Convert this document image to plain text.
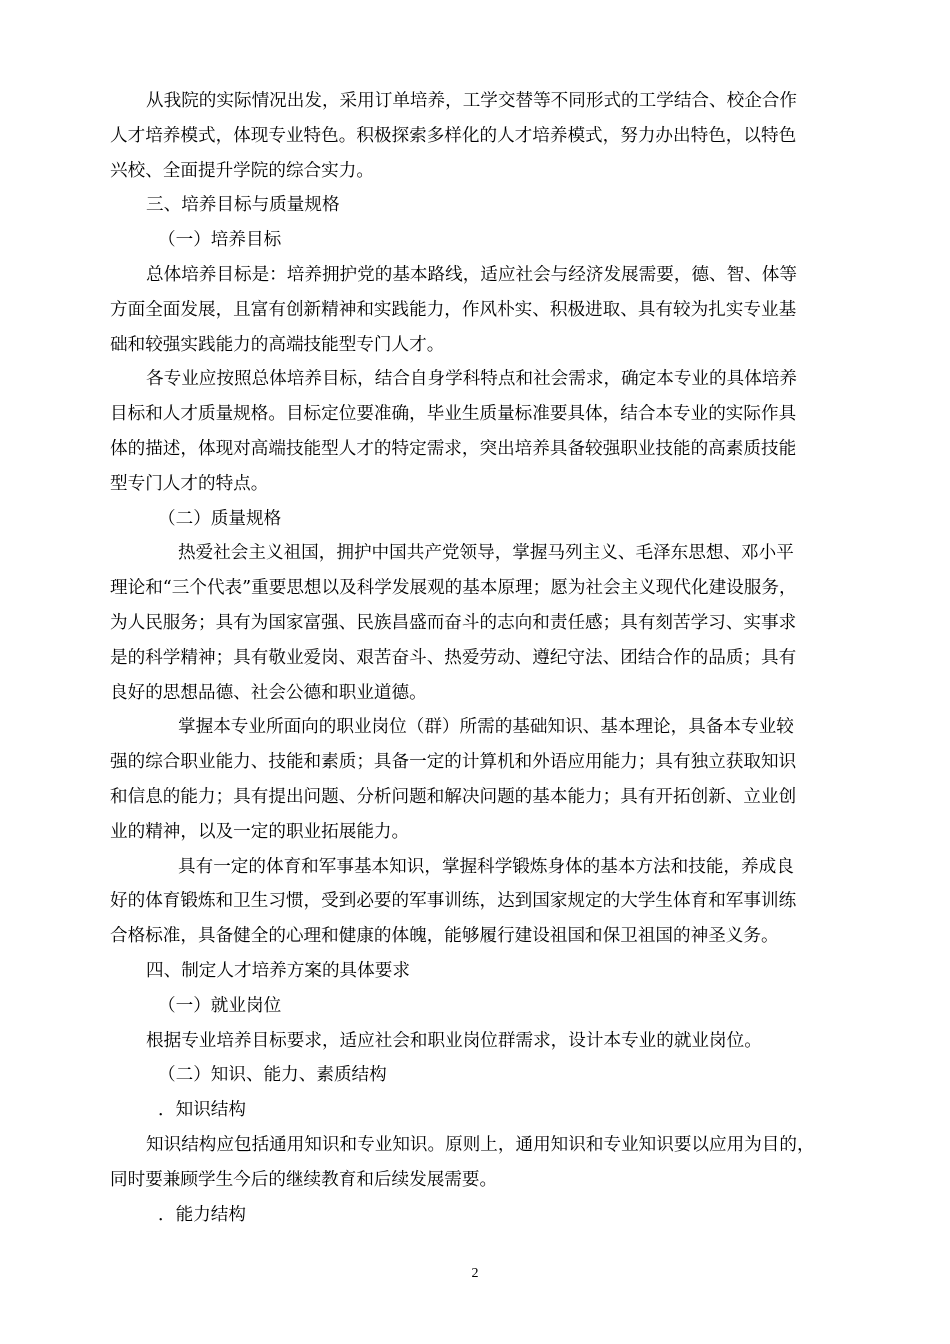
从我院的实际情况出发，采用订单培养，工学交替等不同形式的工学结合、校企合作
人才培养模式，体现专业特色。积极探索多样化的人才培养模式，努力办出特色，以特色
兴校、全面提升学院的综合实力。

三、培养目标与质量规格

（一）培养目标

总体培养目标是：培养拥护党的基本路线，适应社会与经济发展需要，德、智、体等
方面全面发展，且富有创新精神和实践能力，作风朴实、积极进取、具有较为扎实专业基
础和较强实践能力的高端技能型专门人才。

各专业应按照总体培养目标，结合自身学科特点和社会需求，确定本专业的具体培养
目标和人才质量规格。目标定位要准确，毕业生质量标准要具体，结合本专业的实际作具
体的描述，体现对高端技能型人才的特定需求，突出培养具备较强职业技能的高素质技能
型专门人才的特点。

（二）质量规格

热爱社会主义祖国，拥护中国共产党领导，掌握马列主义、毛泽东思想、邓小平
理论和“三个代表”重要思想以及科学发展观的基本原理；愿为社会主义现代化建设服务，
为人民服务；具有为国家富强、民族昌盛而奋斗的志向和责任感；具有刻苦学习、实事求
是的科学精神；具有敬业爱岗、艰苦奋斗、热爱劳动、遵纪守法、团结合作的品质；具有
良好的思想品德、社会公德和职业道德。

掌握本专业所面向的职业岗位（群）所需的基础知识、基本理论，具备本专业较
强的综合职业能力、技能和素质；具备一定的计算机和外语应用能力；具有独立获取知识
和信息的能力；具有提出问题、分析问题和解决问题的基本能力；具有开拓创新、立业创
业的精神，以及一定的职业拓展能力。

具有一定的体育和军事基本知识，掌握科学锻炼身体的基本方法和技能，养成良
好的体育锻炼和卫生习惯，受到必要的军事训练，达到国家规定的大学生体育和军事训练
合格标准，具备健全的心理和健康的体魄，能够履行建设祖国和保卫祖国的神圣义务。

四、制定人才培养方案的具体要求

（一）就业岗位

根据专业培养目标要求，适应社会和职业岗位群需求，设计本专业的就业岗位。

（二）知识、能力、素质结构

．知识结构

知识结构应包括通用知识和专业知识。原则上，通用知识和专业知识要以应用为目的，
同时要兼顾学生今后的继续教育和后续发展需要。

．能力结构

2
